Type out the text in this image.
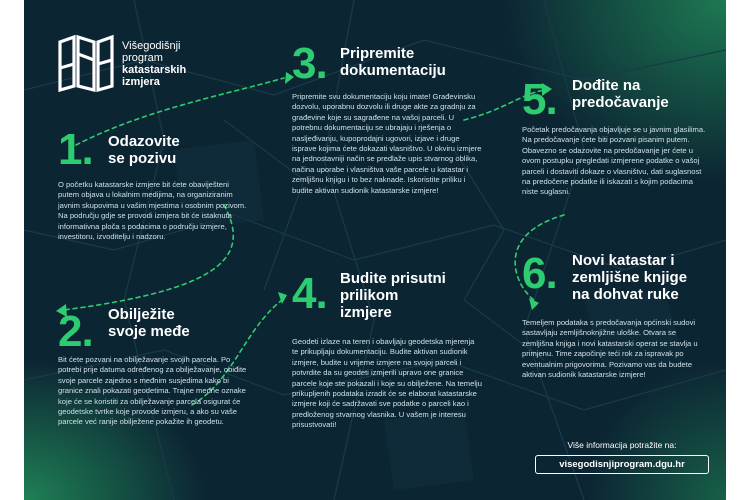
Višegodišnji
program
katastarskih
izmjera
1. Odazovite
se pozivu
O početku katastarske izmjere bit ćete obaviješteni putem objava u lokalnim medijima, na organiziranim javnim skupovima u vašim mjestima i osobnim pozivom. Na području gdje se provodi izmjera bit će istaknuta informativna ploča s podacima o području izmjere, investitoru, izvoditelju i nadzoru.
2. Obilježite
svoje međe
Bit ćete pozvani na obilježavanje svojih parcela. Po potrebi prije datuma određenog za obilježavanje, obiđite svoje parcele zajedno s međnim susjedima kako bi granice znali pokazati geodetima. Trajne međne oznake koje će se koristiti za obilježavanje parcela osigurat će geodetske tvrtke koje provode izmjeru, a ako su vaše parcele već ranije obilježene pokažite ih geodetu.
3. Pripremite
dokumentaciju
Pripremite svu dokumentaciju koju imate! Građevinsku dozvolu, uporabnu dozvolu ili druge akte za gradnju za građevine koje su sagrađene na vašoj parceli. U potrebnu dokumentaciju se ubrajaju i rješenja o nasljeđivanju, kupoprodajni ugovori, izjave i druge isprave kojima ćete dokazati vlasništvo. U okviru izmjere na jednostavniji način se predlaže upis stvarnog oblika, načina uporabe i vlasništva vaše parcele u katastar i zemljišnu knjigu i to bez naknade. Iskoristite priliku i budite aktivan sudionik katastarske izmjere!
4. Budite prisutni
prilikom
izmjere
Geodeti izlaze na teren i obavljaju geodetska mjerenja te prikupljaju dokumentaciju. Budite aktivan sudionik izmjere, budite u vrijeme izmjere na svojoj parceli i potvrdite da su geodeti izmjerili upravo one granice parcele koje ste pokazali i koje su obilježene. Na temelju prikupljenih podataka izradit će se elaborat katastarske izmjere koji će sadržavati sve podatke o parceli kao i predloženog stvarnog vlasnika. U vašem je interesu prisustvovati!
5. Dođite na
predočavanje
Početak predočavanja objavljuje se u javnim glasilima. Na predočavanje ćete biti pozvani pisanim putem. Obavezno se odazovite na predočavanje jer ćete u ovom postupku pregledati izmjerene podatke o vašoj parceli i dostaviti dokaze o vlasništvu, dati suglasnost na predočene podatke ili iskazati s kojim podacima niste suglasni.
6. Novi katastar i
zemljišne knjige
na dohvat ruke
Temeljem podataka s predočavanja općinski sudovi sastavljaju zemljišnoknjižne uloške. Otvara se zemljišna knjiga i novi katastarski operat se stavlja u primjenu. Time započinje teći rok za ispravak po eventualnim prigovorima. Pozivamo vas da budete aktivan sudionik katastarske izmjere!
Više informacija potražite na:
visegodisnjiprogram.dgu.hr
